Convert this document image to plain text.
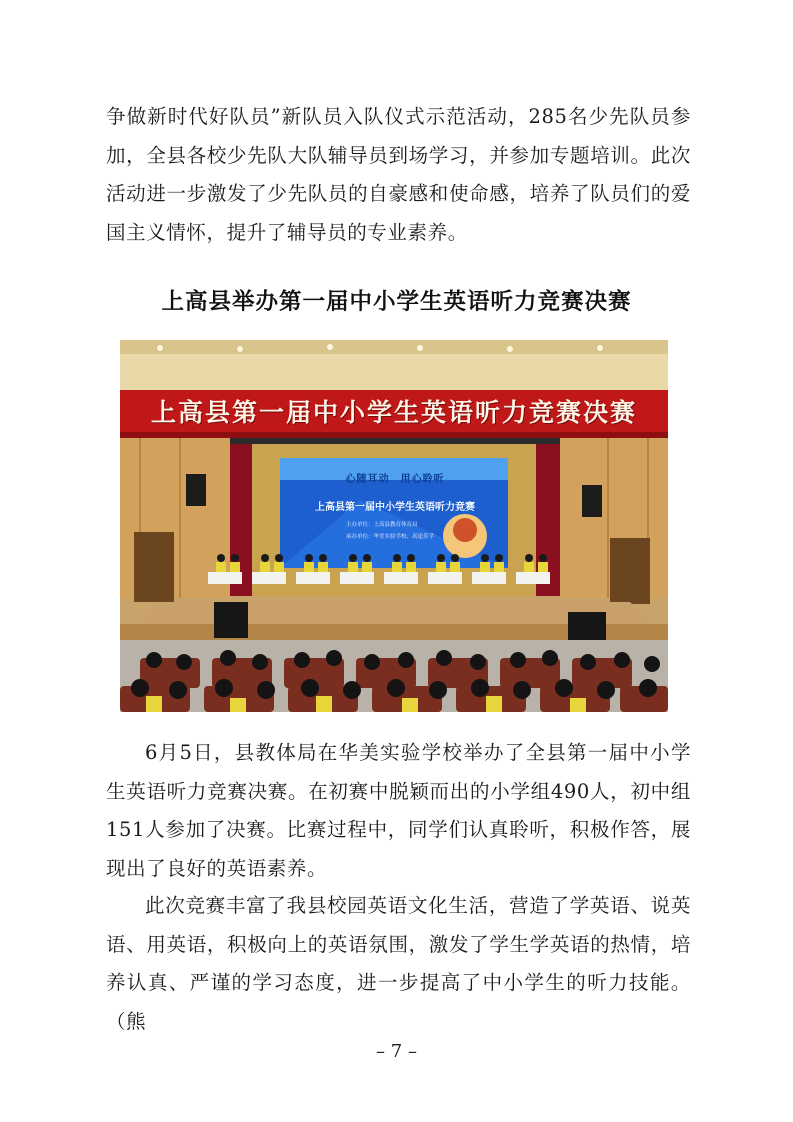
争做新时代好队员”新队员入队仪式示范活动，285名少先队员参加，全县各校少先队大队辅导员到场学习，并参加专题培训。此次活动进一步激发了少先队员的自豪感和使命感，培养了队员们的爱国主义情怀，提升了辅导员的专业素养。

上高县举办第一届中小学生英语听力竞赛决赛
上高县第一届中小学生英语听力竞赛决赛
心随耳动　用心聆听
上高县第一届中小学生英语听力竞赛
主办单位：上高县教育体育局
承办单位：华美实验学校、高途乐学

6月5日，县教体局在华美实验学校举办了全县第一届中小学生英语听力竞赛决赛。在初赛中脱颖而出的小学组490人，初中组151人参加了决赛。比赛过程中，同学们认真聆听，积极作答，展现出了良好的英语素养。

此次竞赛丰富了我县校园英语文化生活，营造了学英语、说英语、用英语，积极向上的英语氛围，激发了学生学英语的热情，培养认真、严谨的学习态度，进一步提高了中小学生的听力技能。（熊

– 7 –
